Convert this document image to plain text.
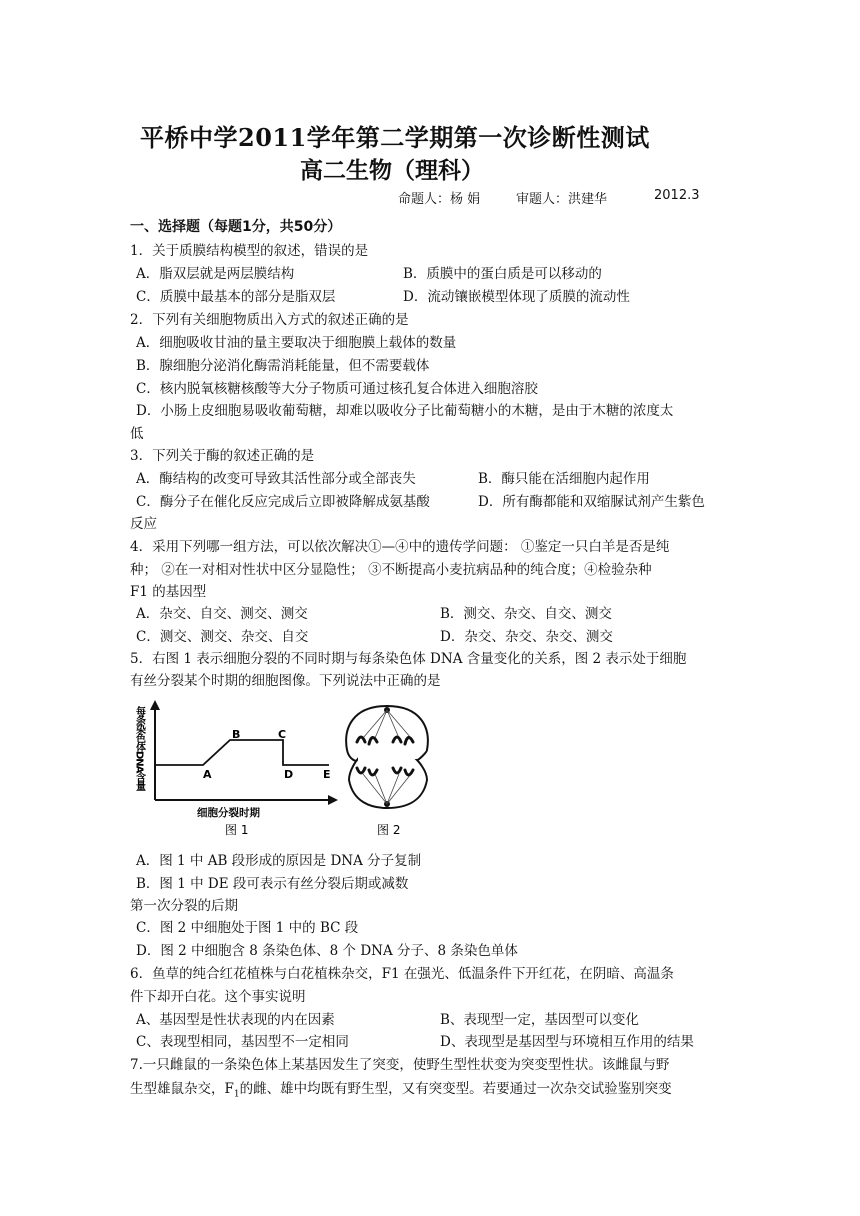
平桥中学2011学年第二学期第一次诊断性测试
高二生物（理科）
命题人：杨 娟	审题人：洪建华	2012.3
一、选择题（每题1分，共50分）
1．关于质膜结构模型的叙述，错误的是
A．脂双层就是两层膜结构	B．质膜中的蛋白质是可以移动的
C．质膜中最基本的部分是脂双层	D．流动镶嵌模型体现了质膜的流动性
2．下列有关细胞物质出入方式的叙述正确的是
A．细胞吸收甘油的量主要取决于细胞膜上载体的数量
B．腺细胞分泌消化酶需消耗能量，但不需要载体
C．核内脱氧核糖核酸等大分子物质可通过核孔复合体进入细胞溶胶
D．小肠上皮细胞易吸收葡萄糖，却难以吸收分子比葡萄糖小的木糖，是由于木糖的浓度太
低
3．下列关于酶的叙述正确的是
A．酶结构的改变可导致其活性部分或全部丧失	B．酶只能在活细胞内起作用
C．酶分子在催化反应完成后立即被降解成氨基酸	D．所有酶都能和双缩脲试剂产生紫色
反应
4．采用下列哪一组方法，可以依次解决①—④中的遗传学问题： ①鉴定一只白羊是否是纯
种； ②在一对相对性状中区分显隐性； ③不断提高小麦抗病品种的纯合度；④检验杂种
F1 的基因型
A．杂交、自交、测交、测交	B．测交、杂交、自交、测交
C．测交、测交、杂交、自交	D．杂交、杂交、杂交、测交
5．右图 1 表示细胞分裂的不同时期与每条染色体 DNA 含量变化的关系，图 2 表示处于细胞
有丝分裂某个时期的细胞图像。下列说法中正确的是
A
B	C
D	E
每条染色体DNA含量
细胞分裂时期
图 1	图 2
A．图 1 中 AB 段形成的原因是 DNA 分子复制
B．图 1 中 DE 段可表示有丝分裂后期或减数
第一次分裂的后期
C．图 2 中细胞处于图 1 中的 BC 段
D．图 2 中细胞含 8 条染色体、8 个 DNA 分子、8 条染色单体
6．鱼草的纯合红花植株与白花植株杂交，F1 在强光、低温条件下开红花，在阴暗、高温条
件下却开白花。这个事实说明
A、基因型是性状表现的内在因素	B、表现型一定，基因型可以变化
C、表现型相同，基因型不一定相同	D、表现型是基因型与环境相互作用的结果
7.一只雌鼠的一条染色体上某基因发生了突变，使野生型性状变为突变型性状。该雌鼠与野
生型雄鼠杂交，$F_1$的雌、雄中均既有野生型，又有突变型。若要通过一次杂交试验鉴别突变
